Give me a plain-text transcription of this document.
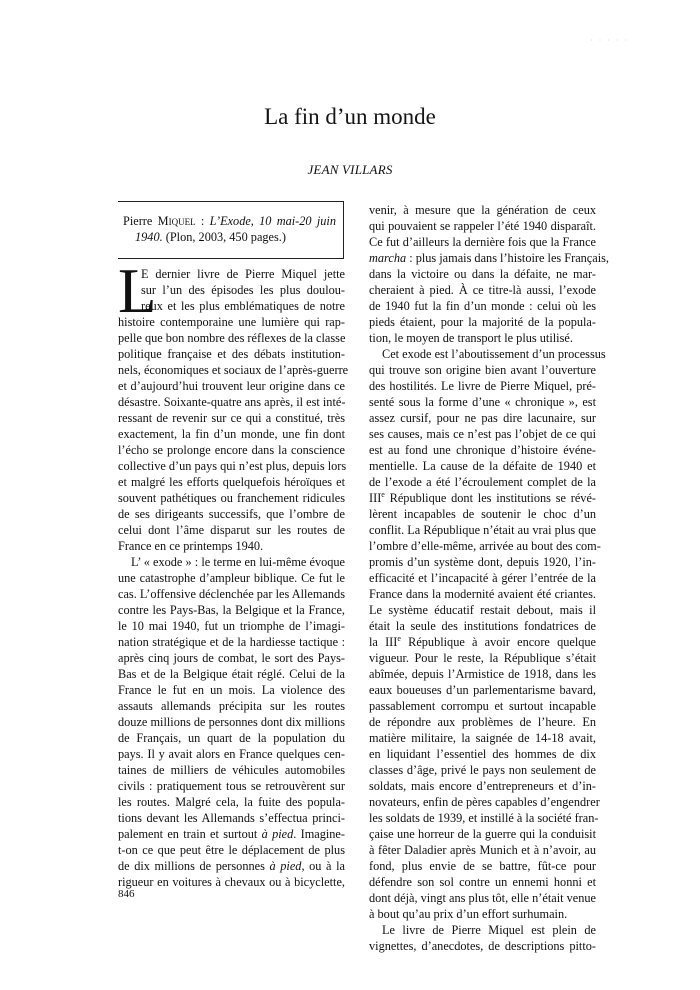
· · · · ·
La fin d’un monde
JEAN VILLARS
Pierre Miquel : L’Exode, 10 mai-20 juin
1940. (Plon, 2003, 450 pages.)
L
E dernier livre de Pierre Miquel jette
sur l’un des épisodes les plus doulou-
reux et les plus emblématiques de notre
histoire contemporaine une lumière qui rap-
pelle que bon nombre des réflexes de la classe
politique française et des débats institution-
nels, économiques et sociaux de l’après-guerre
et d’aujourd’hui trouvent leur origine dans ce
désastre. Soixante-quatre ans après, il est inté-
ressant de revenir sur ce qui a constitué, très
exactement, la fin d’un monde, une fin dont
l’écho se prolonge encore dans la conscience
collective d’un pays qui n’est plus, depuis lors
et malgré les efforts quelquefois héroïques et
souvent pathétiques ou franchement ridicules
de ses dirigeants successifs, que l’ombre de
celui dont l’âme disparut sur les routes de
France en ce printemps 1940.
L’ « exode » : le terme en lui-même évoque
une catastrophe d’ampleur biblique. Ce fut le
cas. L’offensive déclenchée par les Allemands
contre les Pays-Bas, la Belgique et la France,
le 10 mai 1940, fut un triomphe de l’imagi-
nation stratégique et de la hardiesse tactique :
après cinq jours de combat, le sort des Pays-
Bas et de la Belgique était réglé. Celui de la
France le fut en un mois. La violence des
assauts allemands précipita sur les routes
douze millions de personnes dont dix millions
de Français, un quart de la population du
pays. Il y avait alors en France quelques cen-
taines de milliers de véhicules automobiles
civils : pratiquement tous se retrouvèrent sur
les routes. Malgré cela, la fuite des popula-
tions devant les Allemands s’effectua princi-
palement en train et surtout à pied. Imagine-
t-on ce que peut être le déplacement de plus
de dix millions de personnes à pied, ou à la
rigueur en voitures à chevaux ou à bicyclette,
846
venir, à mesure que la génération de ceux
qui pouvaient se rappeler l’été 1940 disparaît.
Ce fut d’ailleurs la dernière fois que la France
marcha : plus jamais dans l’histoire les Français,
dans la victoire ou dans la défaite, ne mar-
cheraient à pied. À ce titre-là aussi, l’exode
de 1940 fut la fin d’un monde : celui où les
pieds étaient, pour la majorité de la popula-
tion, le moyen de transport le plus utilisé.
Cet exode est l’aboutissement d’un processus
qui trouve son origine bien avant l’ouverture
des hostilités. Le livre de Pierre Miquel, pré-
senté sous la forme d’une « chronique », est
assez cursif, pour ne pas dire lacunaire, sur
ses causes, mais ce n’est pas l’objet de ce qui
est au fond une chronique d’histoire événe-
mentielle. La cause de la défaite de 1940 et
de l’exode a été l’écroulement complet de la
IIIe République dont les institutions se révé-
lèrent incapables de soutenir le choc d’un
conflit. La République n’était au vrai plus que
l’ombre d’elle-même, arrivée au bout des com-
promis d’un système dont, depuis 1920, l’in-
efficacité et l’incapacité à gérer l’entrée de la
France dans la modernité avaient été criantes.
Le système éducatif restait debout, mais il
était la seule des institutions fondatrices de
la IIIe République à avoir encore quelque
vigueur. Pour le reste, la République s’était
abîmée, depuis l’Armistice de 1918, dans les
eaux boueuses d’un parlementarisme bavard,
passablement corrompu et surtout incapable
de répondre aux problèmes de l’heure. En
matière militaire, la saignée de 14-18 avait,
en liquidant l’essentiel des hommes de dix
classes d’âge, privé le pays non seulement de
soldats, mais encore d’entrepreneurs et d’in-
novateurs, enfin de pères capables d’engendrer
les soldats de 1939, et instillé à la société fran-
çaise une horreur de la guerre qui la conduisit
à fêter Daladier après Munich et à n’avoir, au
fond, plus envie de se battre, fût-ce pour
défendre son sol contre un ennemi honni et
dont déjà, vingt ans plus tôt, elle n’était venue
à bout qu’au prix d’un effort surhumain.
Le livre de Pierre Miquel est plein de
vignettes, d’anecdotes, de descriptions pitto-
